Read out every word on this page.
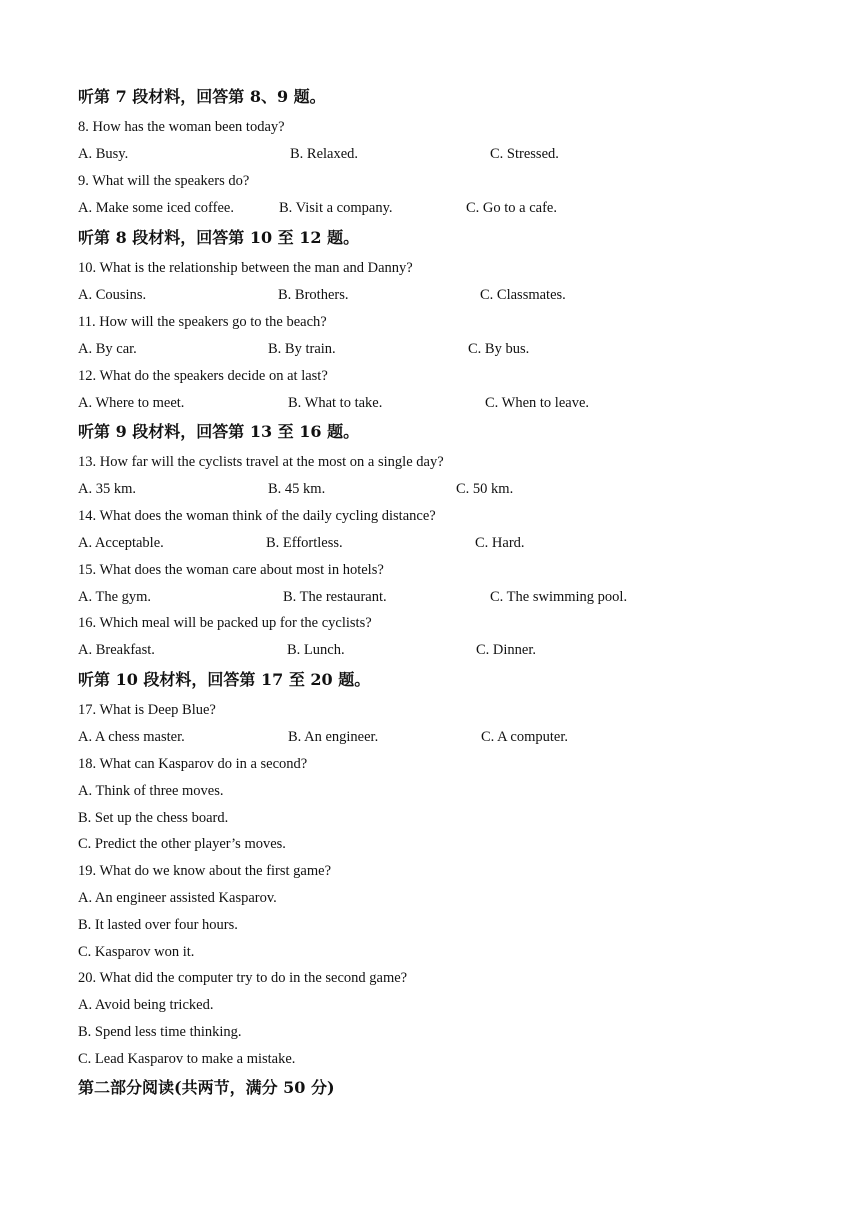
听第 7 段材料，回答第 8、9 题。
8. How has the woman been today?
A. Busy.	B. Relaxed.	C. Stressed.
9. What will the speakers do?
A. Make some iced coffee.	B. Visit a company.	C. Go to a cafe.
听第 8 段材料，回答第 10 至 12 题。
10. What is the relationship between the man and Danny?
A. Cousins.	B. Brothers.	C. Classmates.
11. How will the speakers go to the beach?
A. By car.	B. By train.	C. By bus.
12. What do the speakers decide on at last?
A. Where to meet.	B. What to take.	C. When to leave.
听第 9 段材料，回答第 13 至 16 题。
13. How far will the cyclists travel at the most on a single day?
A. 35 km.	B. 45 km.	C. 50 km.
14. What does the woman think of the daily cycling distance?
A. Acceptable.	B. Effortless.	C. Hard.
15. What does the woman care about most in hotels?
A. The gym.	B. The restaurant.	C. The swimming pool.
16. Which meal will be packed up for the cyclists?
A. Breakfast.	B. Lunch.	C. Dinner.
听第 10 段材料，回答第 17 至 20 题。
17. What is Deep Blue?
A. A chess master.	B. An engineer.	C. A computer.
18. What can Kasparov do in a second?
A. Think of three moves.
B. Set up the chess board.
C. Predict the other player’s moves.
19. What do we know about the first game?
A. An engineer assisted Kasparov.
B. It lasted over four hours.
C. Kasparov won it.
20. What did the computer try to do in the second game?
A. Avoid being tricked.
B. Spend less time thinking.
C. Lead Kasparov to make a mistake.
第二部分阅读(共两节，满分 50 分)
